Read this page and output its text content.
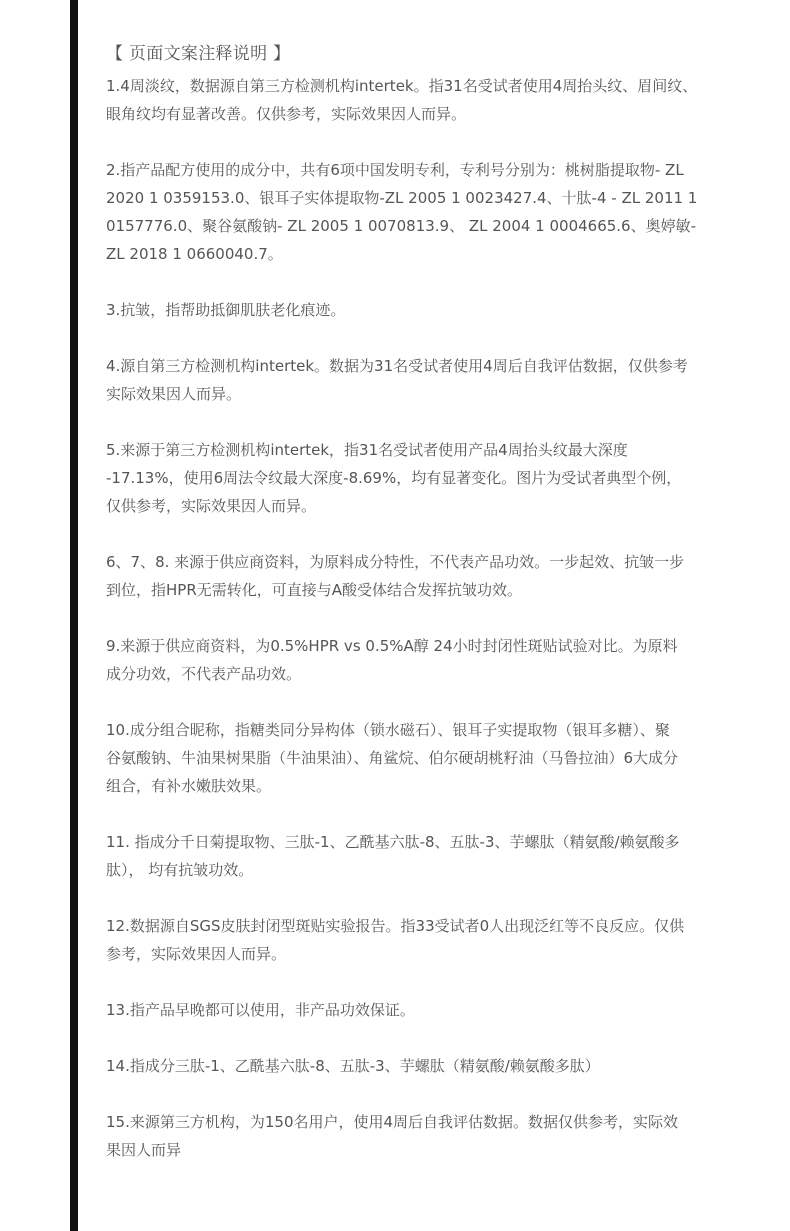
【 页面文案注释说明 】

1.4周淡纹，数据源自第三方检测机构intertek。指31名受试者使用4周抬头纹、眉间纹、
眼角纹均有显著改善。仅供参考，实际效果因人而异。

2.指产品配方使用的成分中，共有6项中国发明专利，专利号分别为：桃树脂提取物- ZL
2020 1 0359153.0、银耳子实体提取物-ZL 2005 1 0023427.4、十肽-4 - ZL 2011 1
0157776.0、聚谷氨酸钠- ZL 2005 1 0070813.9、 ZL 2004 1 0004665.6、奥婷敏-
ZL 2018 1 0660040.7。

3.抗皱，指帮助抵御肌肤老化痕迹。

4.源自第三方检测机构intertek。数据为31名受试者使用4周后自我评估数据，仅供参考
实际效果因人而异。

5.来源于第三方检测机构intertek，指31名受试者使用产品4周抬头纹最大深度
-17.13%，使用6周法令纹最大深度-8.69%，均有显著变化。图片为受试者典型个例，
仅供参考，实际效果因人而异。

6、7、8. 来源于供应商资料，为原料成分特性，不代表产品功效。一步起效、抗皱一步
到位，指HPR无需转化，可直接与A酸受体结合发挥抗皱功效。

9.来源于供应商资料，为0.5%HPR vs 0.5%A醇 24小时封闭性斑贴试验对比。为原料
成分功效，不代表产品功效。

10.成分组合昵称，指糖类同分异构体（锁水磁石）、银耳子实提取物（银耳多糖）、聚
谷氨酸钠、牛油果树果脂（牛油果油）、角鲨烷、伯尔硬胡桃籽油（马鲁拉油）6大成分
组合，有补水嫩肤效果。

11. 指成分千日菊提取物、三肽-1、乙酰基六肽-8、五肽-3、芋螺肽（精氨酸/赖氨酸多
肽）， 均有抗皱功效。

12.数据源自SGS皮肤封闭型斑贴实验报告。指33受试者0人出现泛红等不良反应。仅供
参考，实际效果因人而异。

13.指产品早晚都可以使用，非产品功效保证。

14.指成分三肽-1、乙酰基六肽-8、五肽-3、芋螺肽（精氨酸/赖氨酸多肽）

15.来源第三方机构，为150名用户，使用4周后自我评估数据。数据仅供参考，实际效
果因人而异
